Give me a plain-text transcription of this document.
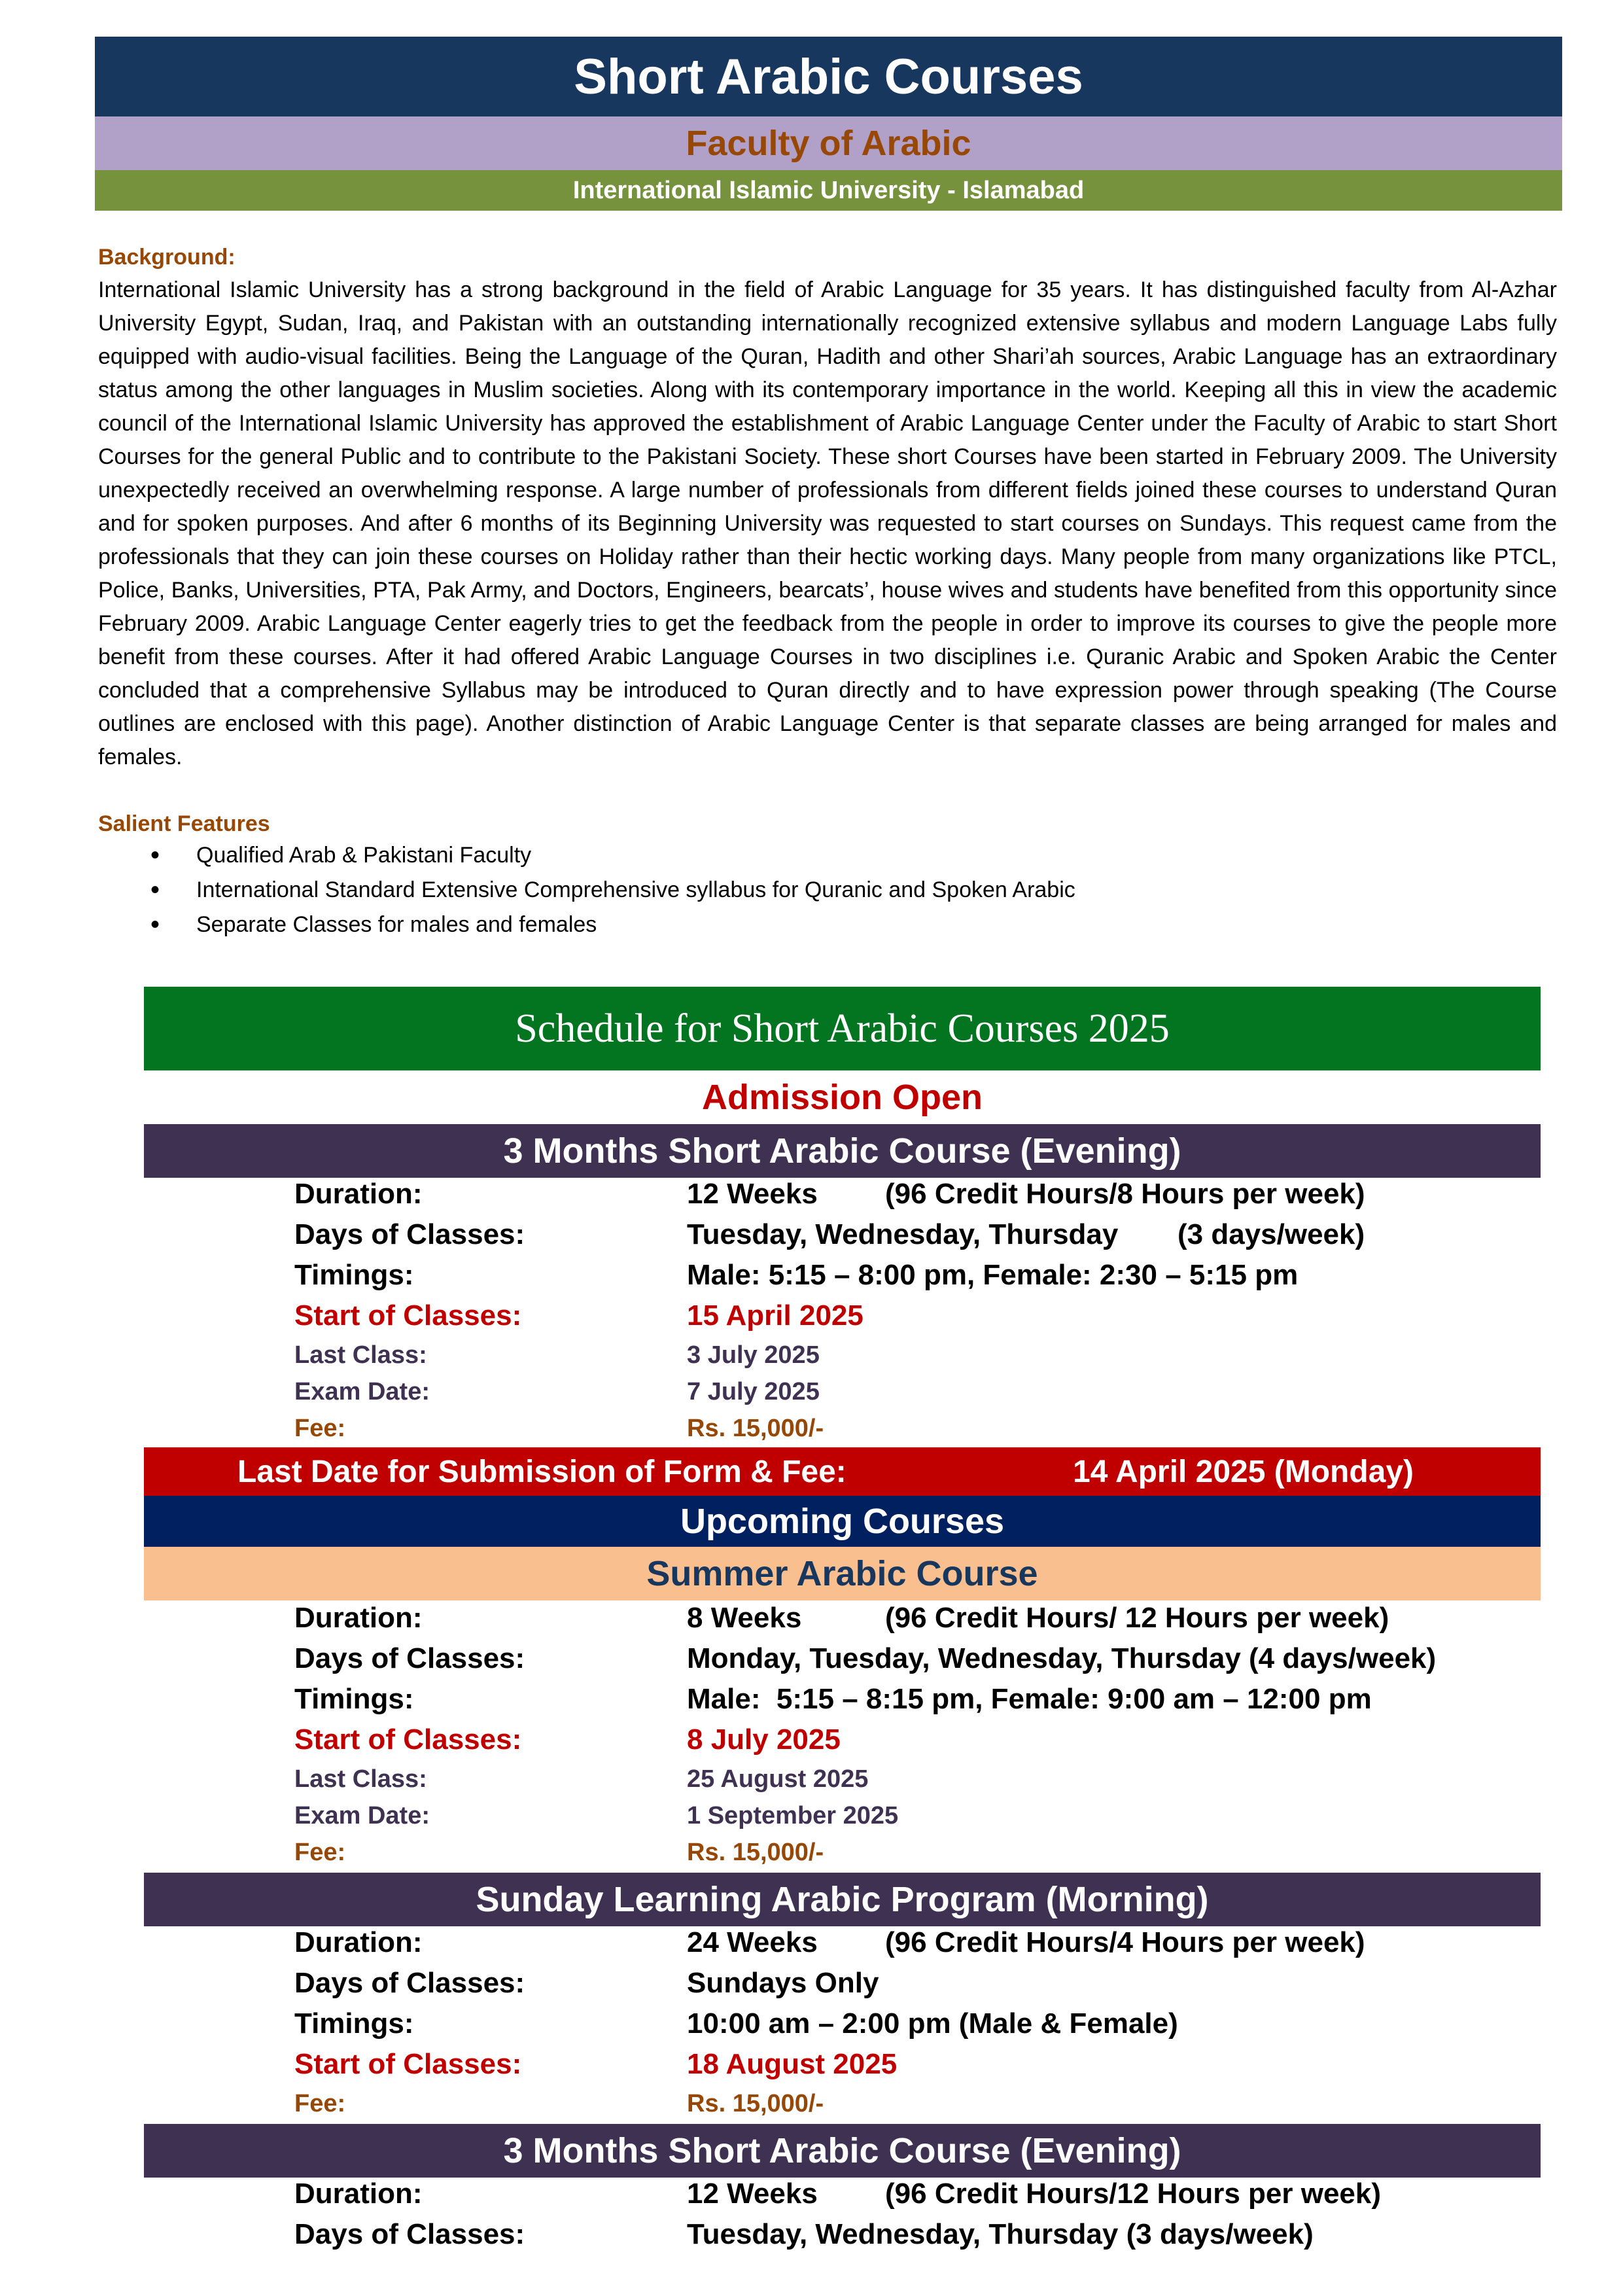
Short Arabic Courses
Faculty of Arabic
International Islamic University - Islamabad
Background:

International Islamic University has a strong background in the field of Arabic Language for 35 years. It has distinguished faculty from Al-Azhar University Egypt, Sudan, Iraq, and Pakistan with an outstanding internationally recognized extensive syllabus and modern Language Labs fully equipped with audio-visual facilities. Being the Language of the Quran, Hadith and other Shari’ah sources, Arabic Language has an extraordinary status among the other languages in Muslim societies. Along with its contemporary importance in the world. Keeping all this in view the academic council of the International Islamic University has approved the establishment of Arabic Language Center under the Faculty of Arabic to start Short Courses for the general Public and to contribute to the Pakistani Society. These short Courses have been started in February 2009. The University unexpectedly received an overwhelming response. A large number of professionals from different fields joined these courses to understand Quran and for spoken purposes. And after 6 months of its Beginning University was requested to start courses on Sundays. This request came from the professionals that they can join these courses on Holiday rather than their hectic working days. Many people from many organizations like PTCL, Police, Banks, Universities, PTA, Pak Army, and Doctors, Engineers, bearcats’, house wives and students have benefited from this opportunity since February 2009. Arabic Language Center eagerly tries to get the feedback from the people in order to improve its courses to give the people more benefit from these courses. After it had offered Arabic Language Courses in two disciplines i.e. Quranic Arabic and Spoken Arabic the Center concluded that a comprehensive Syllabus may be introduced to Quran directly and to have expression power through speaking (The Course outlines are enclosed with this page). Another distinction of Arabic Language Center is that separate classes are being arranged for males and females.

Salient Features
• Qualified Arab & Pakistani Faculty
• International Standard Extensive Comprehensive syllabus for Quranic and Spoken Arabic
• Separate Classes for males and females
Schedule for Short Arabic Courses 2025
Admission Open
3 Months Short Arabic Course (Evening)
Duration:	12 Weeks (96 Credit Hours/8 Hours per week)
Days of Classes:	Tuesday, Wednesday, Thursday (3 days/week)
Timings:	Male: 5:15 – 8:00 pm, Female: 2:30 – 5:15 pm
Start of Classes:	15 April 2025
Last Class:	3 July 2025
Exam Date:	7 July 2025
Fee:	Rs. 15,000/-
Last Date for Submission of Form & Fee:	14 April 2025 (Monday)
Upcoming Courses
Summer Arabic Course
Duration:	8 Weeks	(96 Credit Hours/ 12 Hours per week)
Days of Classes:	Monday, Tuesday, Wednesday, Thursday (4 days/week)
Timings:	Male:  5:15 – 8:15 pm, Female: 9:00 am – 12:00 pm
Start of Classes:	8 July 2025
Last Class:	25 August 2025
Exam Date:	1 September 2025
Fee:	Rs. 15,000/-
Sunday Learning Arabic Program (Morning)
Duration:	24 Weeks (96 Credit Hours/4 Hours per week)
Days of Classes:	Sundays Only
Timings:	10:00 am – 2:00 pm (Male & Female)
Start of Classes:	18 August 2025
Fee:	Rs. 15,000/-
3 Months Short Arabic Course (Evening)
Duration:	12 Weeks (96 Credit Hours/12 Hours per week)
Days of Classes:	Tuesday, Wednesday, Thursday (3 days/week)
